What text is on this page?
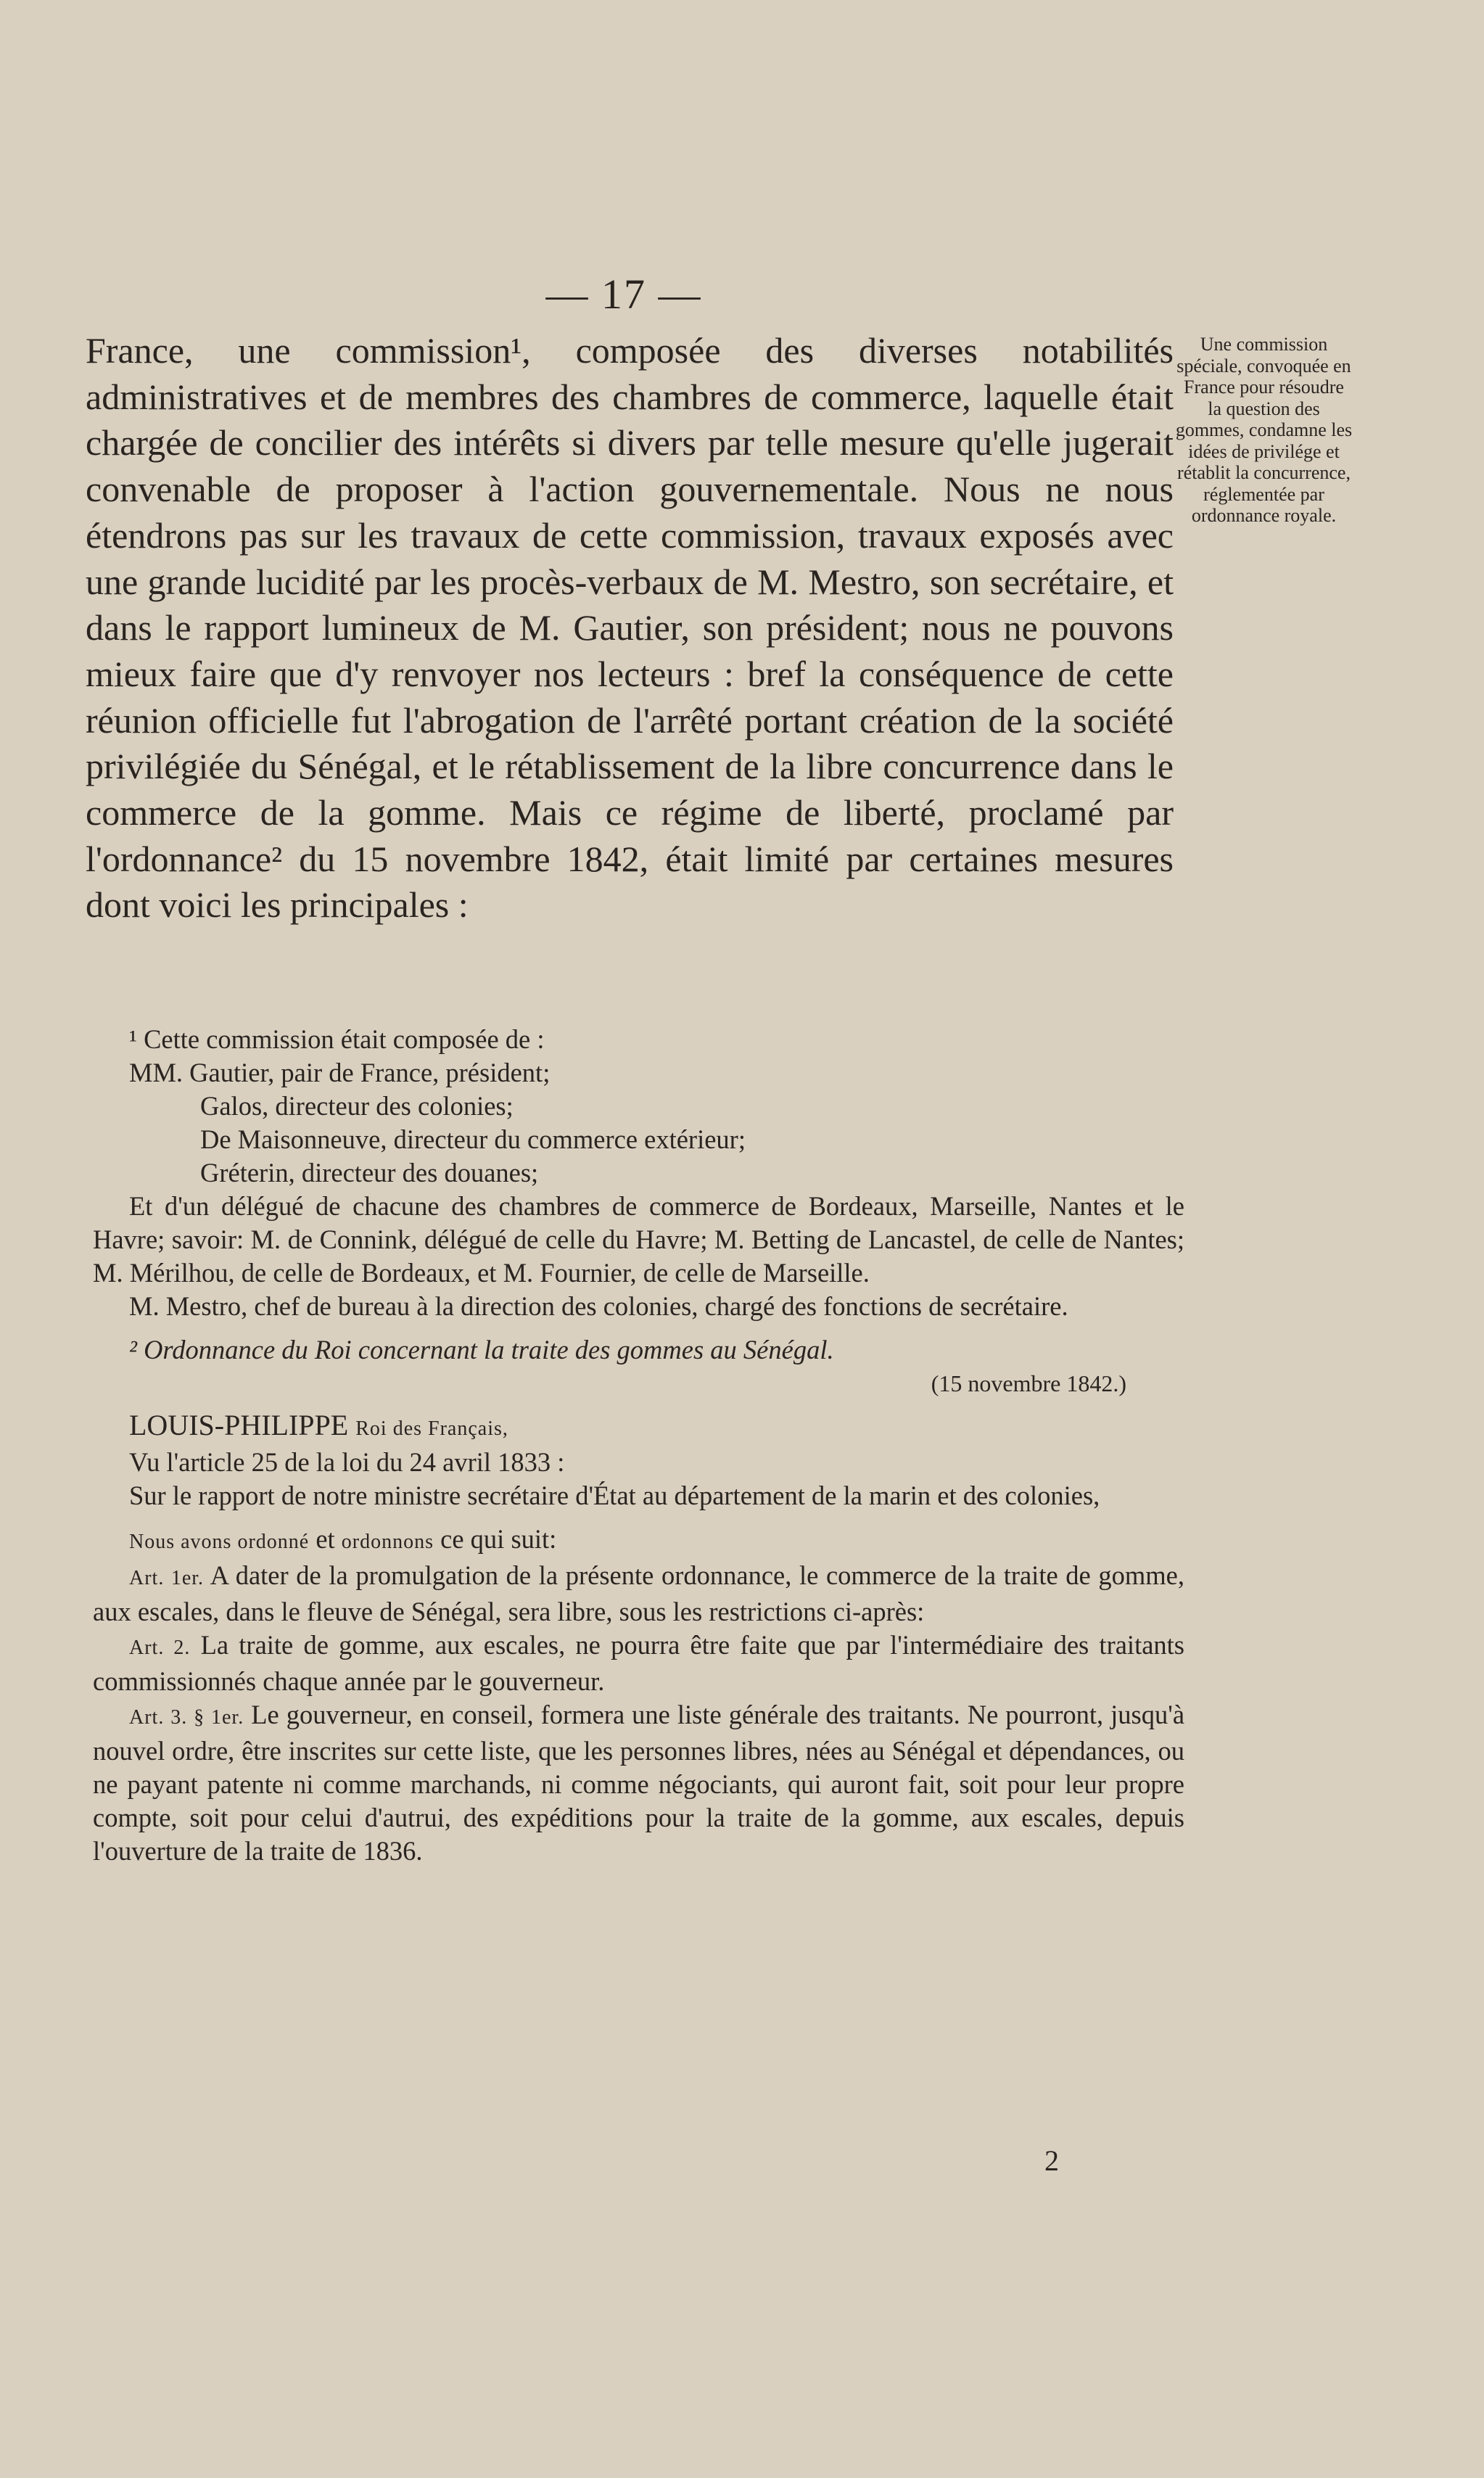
— 17 —

France, une commission¹, composée des diverses notabilités administratives et de membres des chambres de commerce, laquelle était chargée de concilier des intérêts si divers par telle mesure qu'elle jugerait convenable de proposer à l'action gouvernementale. Nous ne nous étendrons pas sur les travaux de cette commission, travaux exposés avec une grande lucidité par les procès-verbaux de M. Mestro, son secrétaire, et dans le rapport lumineux de M. Gautier, son président; nous ne pouvons mieux faire que d'y renvoyer nos lecteurs : bref la conséquence de cette réunion officielle fut l'abrogation de l'arrêté portant création de la société privilégiée du Sénégal, et le rétablissement de la libre concurrence dans le commerce de la gomme. Mais ce régime de liberté, proclamé par l'ordonnance² du 15 novembre 1842, était limité par certaines mesures dont voici les principales :

Une commission spéciale, convoquée en France pour résoudre la question des gommes, condamne les idées de privilége et rétablit la concurrence, réglementée par ordonnance royale.

¹ Cette commission était composée de :

MM. Gautier, pair de France, président;

Galos, directeur des colonies;

De Maisonneuve, directeur du commerce extérieur;

Gréterin, directeur des douanes;

Et d'un délégué de chacune des chambres de commerce de Bordeaux, Marseille, Nantes et le Havre; savoir: M. de Connink, délégué de celle du Havre; M. Betting de Lancastel, de celle de Nantes; M. Mérilhou, de celle de Bordeaux, et M. Fournier, de celle de Marseille.

M. Mestro, chef de bureau à la direction des colonies, chargé des fonctions de secrétaire.

² Ordonnance du Roi concernant la traite des gommes au Sénégal.

(15 novembre 1842.)

LOUIS-PHILIPPE Roi des Français,

Vu l'article 25 de la loi du 24 avril 1833 :

Sur le rapport de notre ministre secrétaire d'État au département de la marin et des colonies,

Nous avons ordonné et ordonnons ce qui suit:

Art. 1er. A dater de la promulgation de la présente ordonnance, le commerce de la traite de gomme, aux escales, dans le fleuve de Sénégal, sera libre, sous les restrictions ci-après:

Art. 2. La traite de gomme, aux escales, ne pourra être faite que par l'intermédiaire des traitants commissionnés chaque année par le gouverneur.

Art. 3. § 1er. Le gouverneur, en conseil, formera une liste générale des traitants. Ne pourront, jusqu'à nouvel ordre, être inscrites sur cette liste, que les personnes libres, nées au Sénégal et dépendances, ou ne payant patente ni comme marchands, ni comme négociants, qui auront fait, soit pour leur propre compte, soit pour celui d'autrui, des expéditions pour la traite de la gomme, aux escales, depuis l'ouverture de la traite de 1836.

2
